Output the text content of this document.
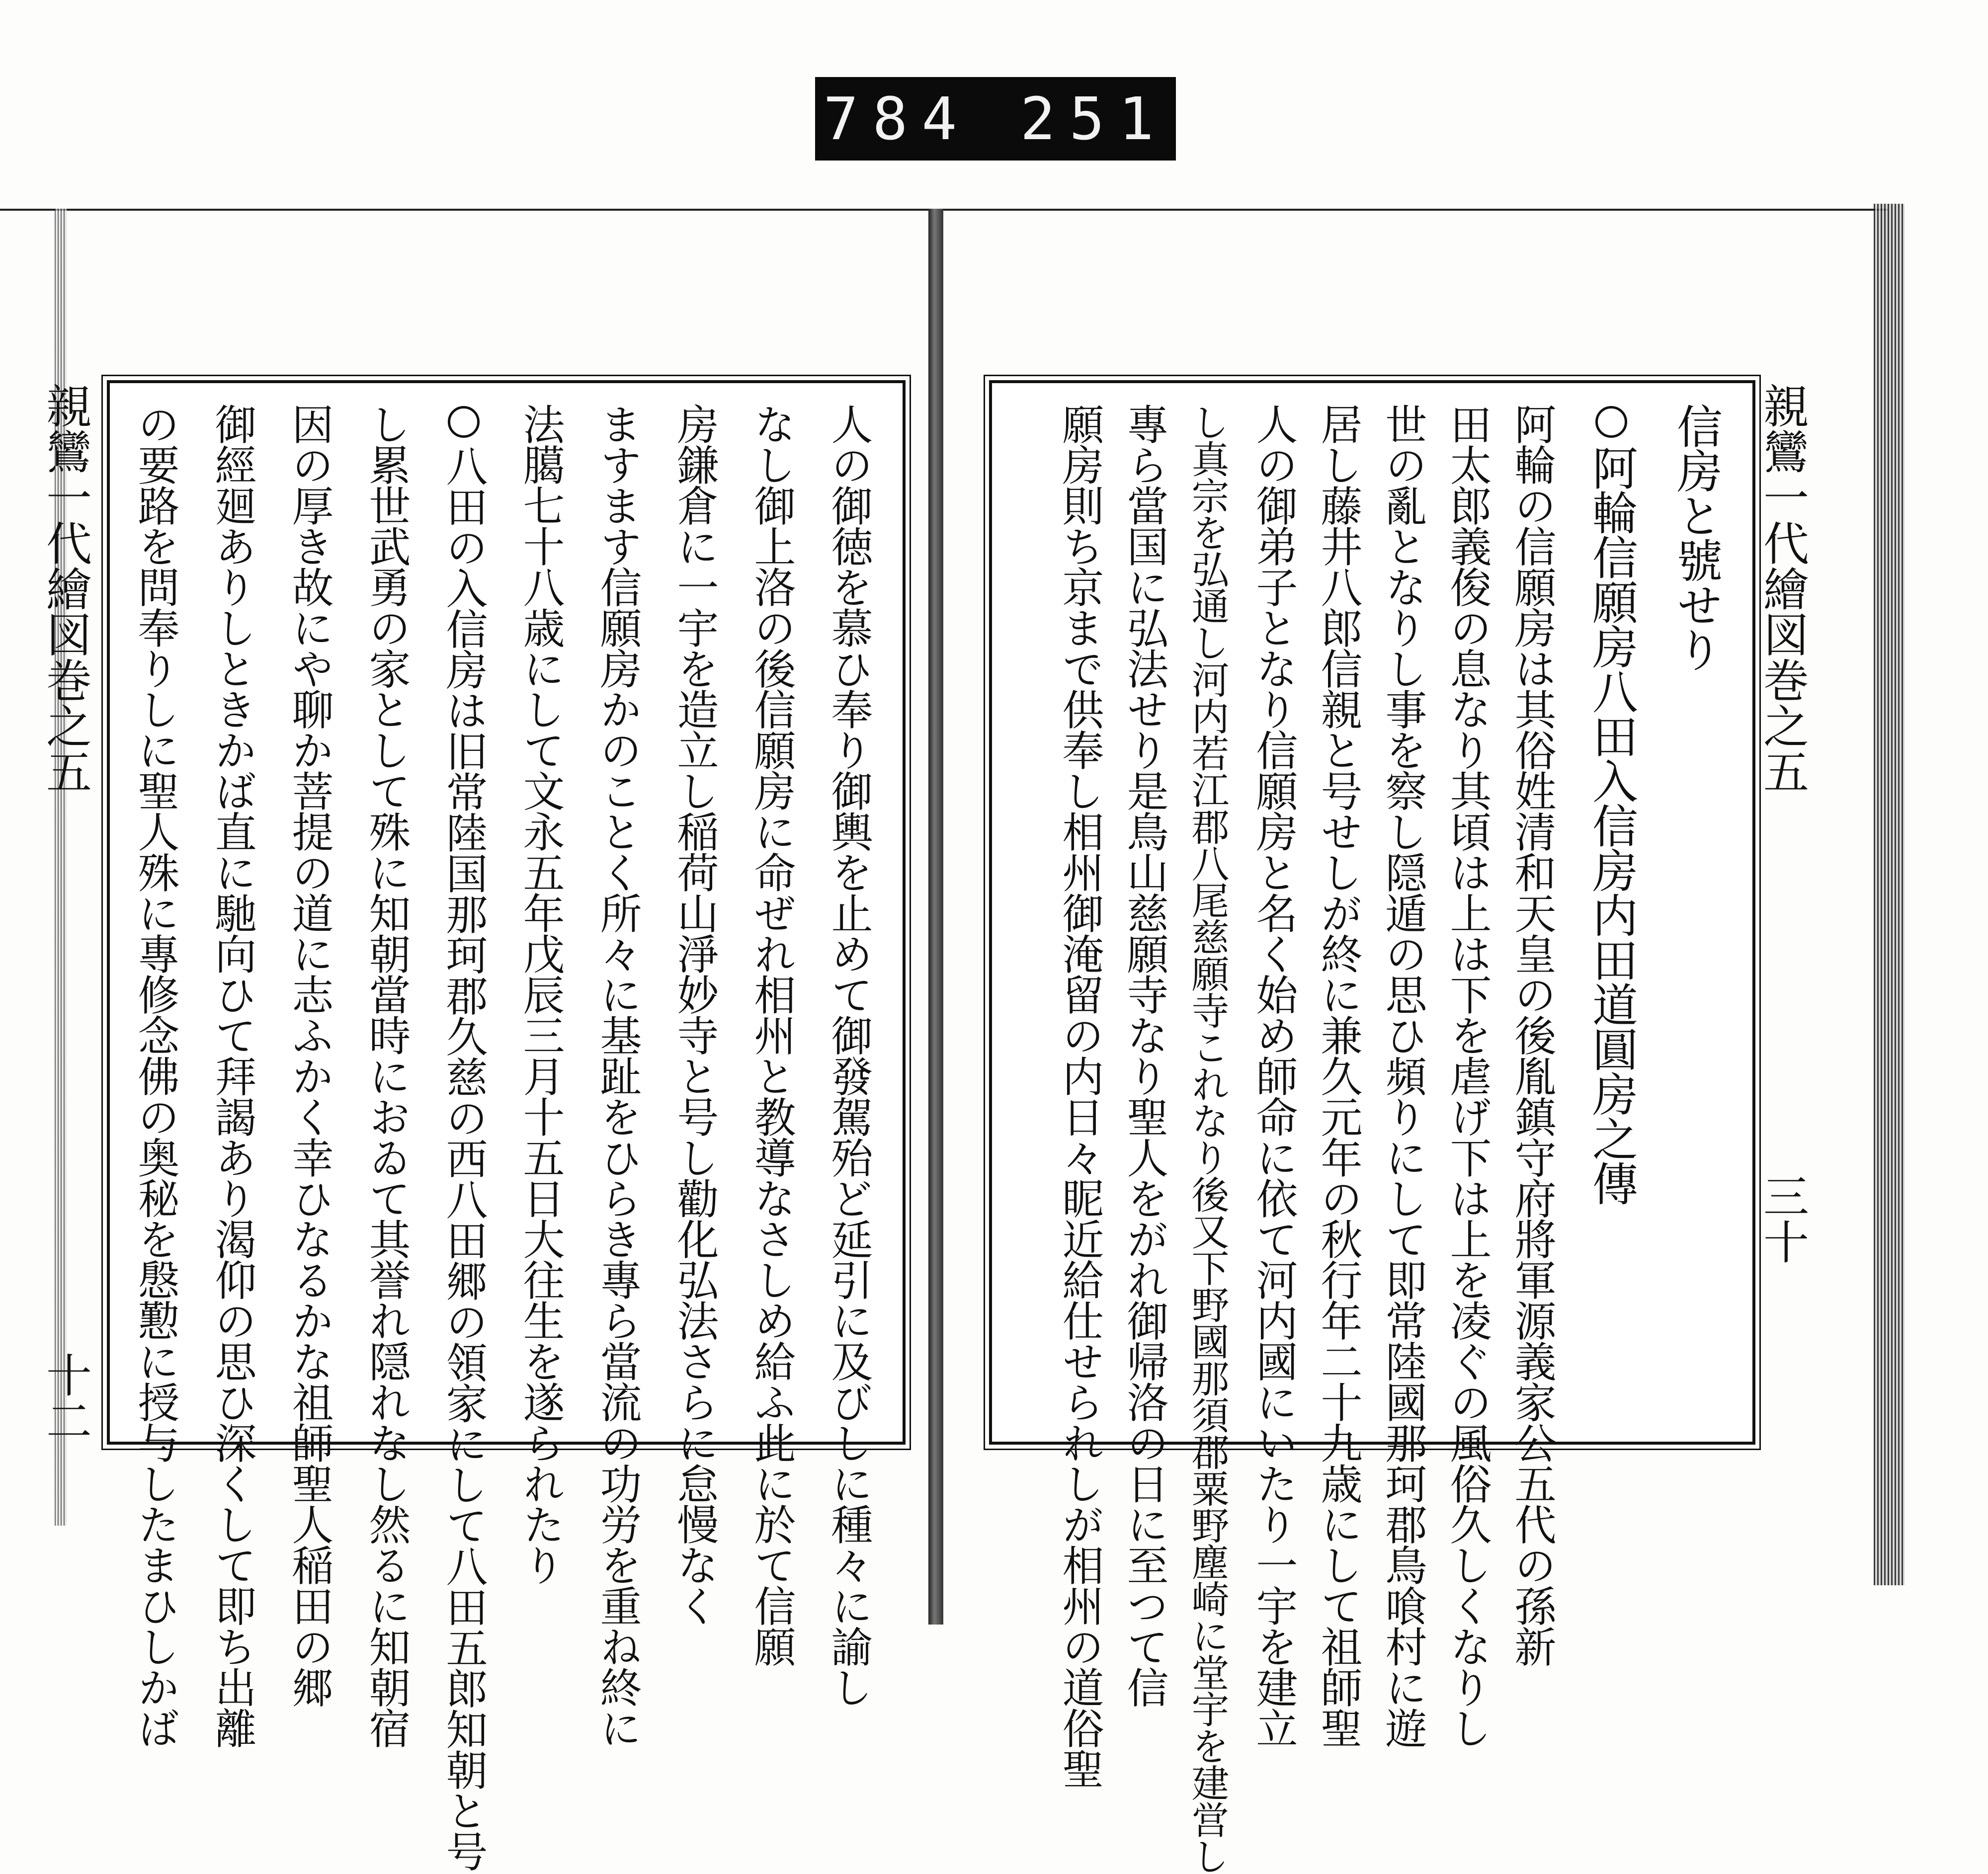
784 251
親鸞一代繪図巻之五
十二	人の御徳を慕ひ奉り御輿を止めて御發駕殆ど延引に及びしに種々に諭し
なし御上洛の後信願房に命ぜれ相州と教導なさしめ給ふ此に於て信願
房鎌倉に一宇を造立し稲荷山淨妙寺と号し勸化弘法さらに怠慢なく
ますます信願房かのことく所々に基趾をひらき專ら當流の功労を重ね終に
法臈七十八歳にして文永五年戊辰三月十五日大往生を遂られたり
八田の入信房は旧常陸国那珂郡久慈の西八田郷の領家にして八田五郎知朝と号
し累世武勇の家として殊に知朝當時におゐて其誉れ隠れなし然るに知朝宿
因の厚き故にや聊か菩提の道に志ふかく幸ひなるかな祖師聖人稲田の郷
御經廻ありしときかば直に馳向ひて拜謁あり渴仰の思ひ深くして即ち出離
の要路を問奉りしに聖人殊に專修念佛の奥秘を慇懃に授与したまひしかば	親鸞一代繪図巻之五
三十
信房と號せり
阿輪信願房八田入信房内田道圓房之傳
阿輪の信願房は其俗姓清和天皇の後胤鎮守府將軍源義家公五代の孫新
田太郎義俊の息なり其頃は上は下を虐げ下は上を凌ぐの風俗久しくなりし
世の亂となりし事を察し隠遁の思ひ頻りにして即常陸國那珂郡鳥喰村に遊
居し藤井八郎信親と号せしが終に兼久元年の秋行年二十九歳にして祖師聖
人の御弟子となり信願房と名く始め師命に依て河内國にいたり一宇を建立
し真宗を弘通し河内若江郡八尾慈願寺これなり後又下野國那須郡粟野塵崎に堂宇を建営し
專ら當国に弘法せり是鳥山慈願寺なり聖人をがれ御帰洛の日に至つて信
願房則ち京まで供奉し相州御淹留の内日々眤近給仕せられしが相州の道俗聖
